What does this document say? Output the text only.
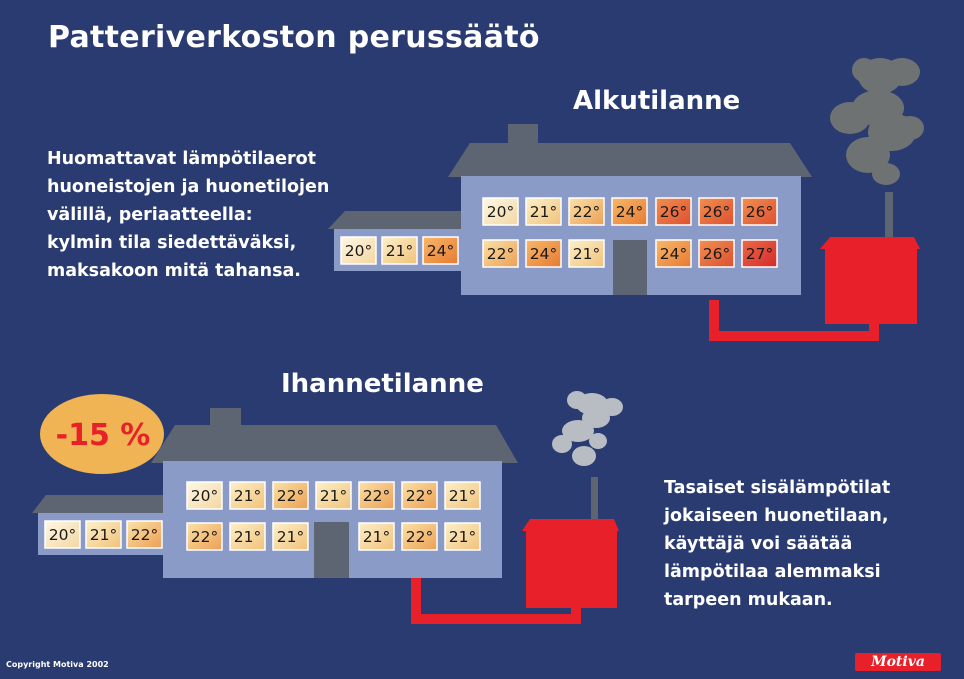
Patteriverkoston perussäätö
Alkutilanne
Huomattavat lämpötilaerot
huoneistojen ja huonetilojen
välillä, periaatteella:
kylmin tila siedettäväksi,
maksakoon mitä tahansa.
Ihannetilanne
Tasaiset sisälämpötilat
jokaiseen huonetilaan,
käyttäjä voi säätää
lämpötilaa alemmaksi
tarpeen mukaan.
Copyright Motiva 2002	Motiva
20° 21° 24°
20° 21° 22° 24° 26° 26° 26°
22° 24° 21°	24° 26° 27°
20° 21° 22°
20° 21° 22° 21° 22° 22° 21°
22° 21° 21°	21° 22° 21°
-15 %
